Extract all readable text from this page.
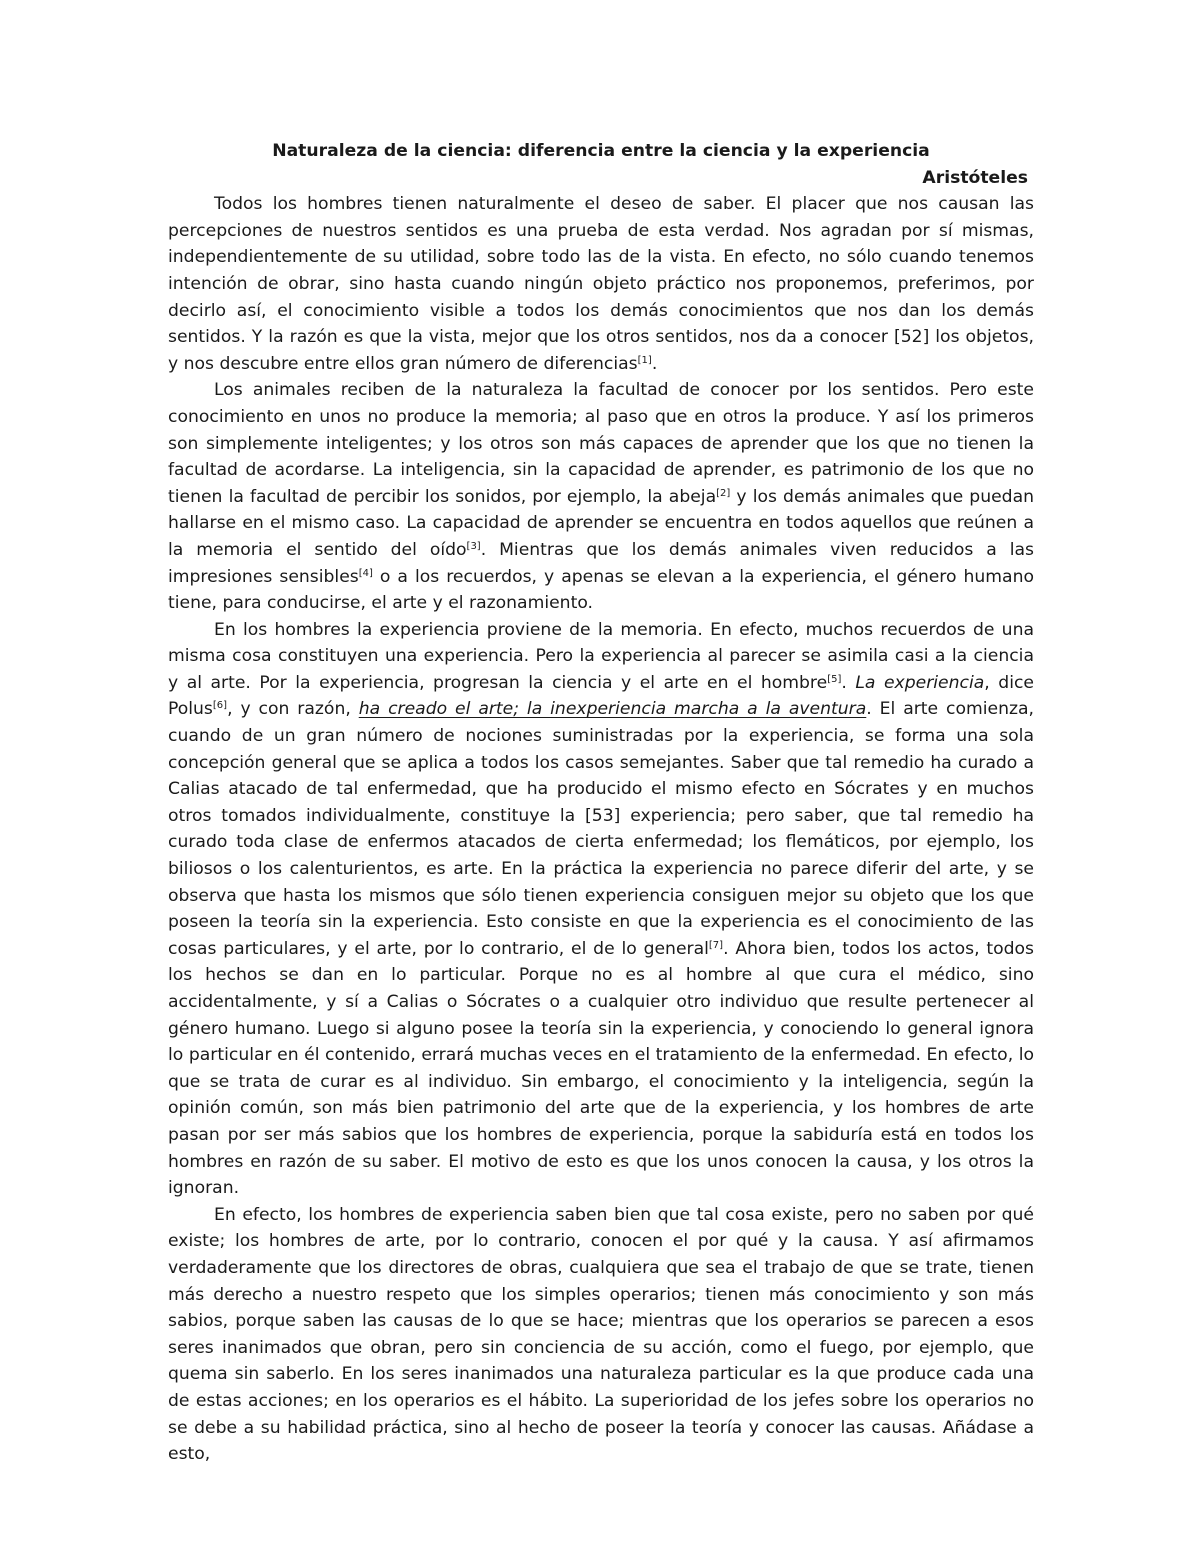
Naturaleza de la ciencia: diferencia entre la ciencia y la experiencia
Aristóteles

Todos los hombres tienen naturalmente el deseo de saber. El placer que nos causan las percepciones de nuestros sentidos es una prueba de esta verdad. Nos agradan por sí mismas, independientemente de su utilidad, sobre todo las de la vista. En efecto, no sólo cuando tenemos intención de obrar, sino hasta cuando ningún objeto práctico nos proponemos, preferimos, por decirlo así, el conocimiento visible a todos los demás conocimientos que nos dan los demás sentidos. Y la razón es que la vista, mejor que los otros sentidos, nos da a conocer [52] los objetos, y nos descubre entre ellos gran número de diferencias[1].

Los animales reciben de la naturaleza la facultad de conocer por los sentidos. Pero este conocimiento en unos no produce la memoria; al paso que en otros la produce. Y así los primeros son simplemente inteligentes; y los otros son más capaces de aprender que los que no tienen la facultad de acordarse. La inteligencia, sin la capacidad de aprender, es patrimonio de los que no tienen la facultad de percibir los sonidos, por ejemplo, la abeja[2] y los demás animales que puedan hallarse en el mismo caso. La capacidad de aprender se encuentra en todos aquellos que reúnen a la memoria el sentido del oído[3]. Mientras que los demás animales viven reducidos a las impresiones sensibles[4] o a los recuerdos, y apenas se elevan a la experiencia, el género humano tiene, para conducirse, el arte y el razonamiento.

En los hombres la experiencia proviene de la memoria. En efecto, muchos recuerdos de una misma cosa constituyen una experiencia. Pero la experiencia al parecer se asimila casi a la ciencia y al arte. Por la experiencia, progresan la ciencia y el arte en el hombre[5]. La experiencia, dice Polus[6], y con razón, ha creado el arte; la inexperiencia marcha a la aventura. El arte comienza, cuando de un gran número de nociones suministradas por la experiencia, se forma una sola concepción general que se aplica a todos los casos semejantes. Saber que tal remedio ha curado a Calias atacado de tal enfermedad, que ha producido el mismo efecto en Sócrates y en muchos otros tomados individualmente, constituye la [53] experiencia; pero saber, que tal remedio ha curado toda clase de enfermos atacados de cierta enfermedad; los flemáticos, por ejemplo, los biliosos o los calenturientos, es arte. En la práctica la experiencia no parece diferir del arte, y se observa que hasta los mismos que sólo tienen experiencia consiguen mejor su objeto que los que poseen la teoría sin la experiencia. Esto consiste en que la experiencia es el conocimiento de las cosas particulares, y el arte, por lo contrario, el de lo general[7]. Ahora bien, todos los actos, todos los hechos se dan en lo particular. Porque no es al hombre al que cura el médico, sino accidentalmente, y sí a Calias o Sócrates o a cualquier otro individuo que resulte pertenecer al género humano. Luego si alguno posee la teoría sin la experiencia, y conociendo lo general ignora lo particular en él contenido, errará muchas veces en el tratamiento de la enfermedad. En efecto, lo que se trata de curar es al individuo. Sin embargo, el conocimiento y la inteligencia, según la opinión común, son más bien patrimonio del arte que de la experiencia, y los hombres de arte pasan por ser más sabios que los hombres de experiencia, porque la sabiduría está en todos los hombres en razón de su saber. El motivo de esto es que los unos conocen la causa, y los otros la ignoran.

En efecto, los hombres de experiencia saben bien que tal cosa existe, pero no saben por qué existe; los hombres de arte, por lo contrario, conocen el por qué y la causa. Y así afirmamos verdaderamente que los directores de obras, cualquiera que sea el trabajo de que se trate, tienen más derecho a nuestro respeto que los simples operarios; tienen más conocimiento y son más sabios, porque saben las causas de lo que se hace; mientras que los operarios se parecen a esos seres inanimados que obran, pero sin conciencia de su acción, como el fuego, por ejemplo, que quema sin saberlo. En los seres inanimados una naturaleza particular es la que produce cada una de estas acciones; en los operarios es el hábito. La superioridad de los jefes sobre los operarios no se debe a su habilidad práctica, sino al hecho de poseer la teoría y conocer las causas. Añádase a esto,
